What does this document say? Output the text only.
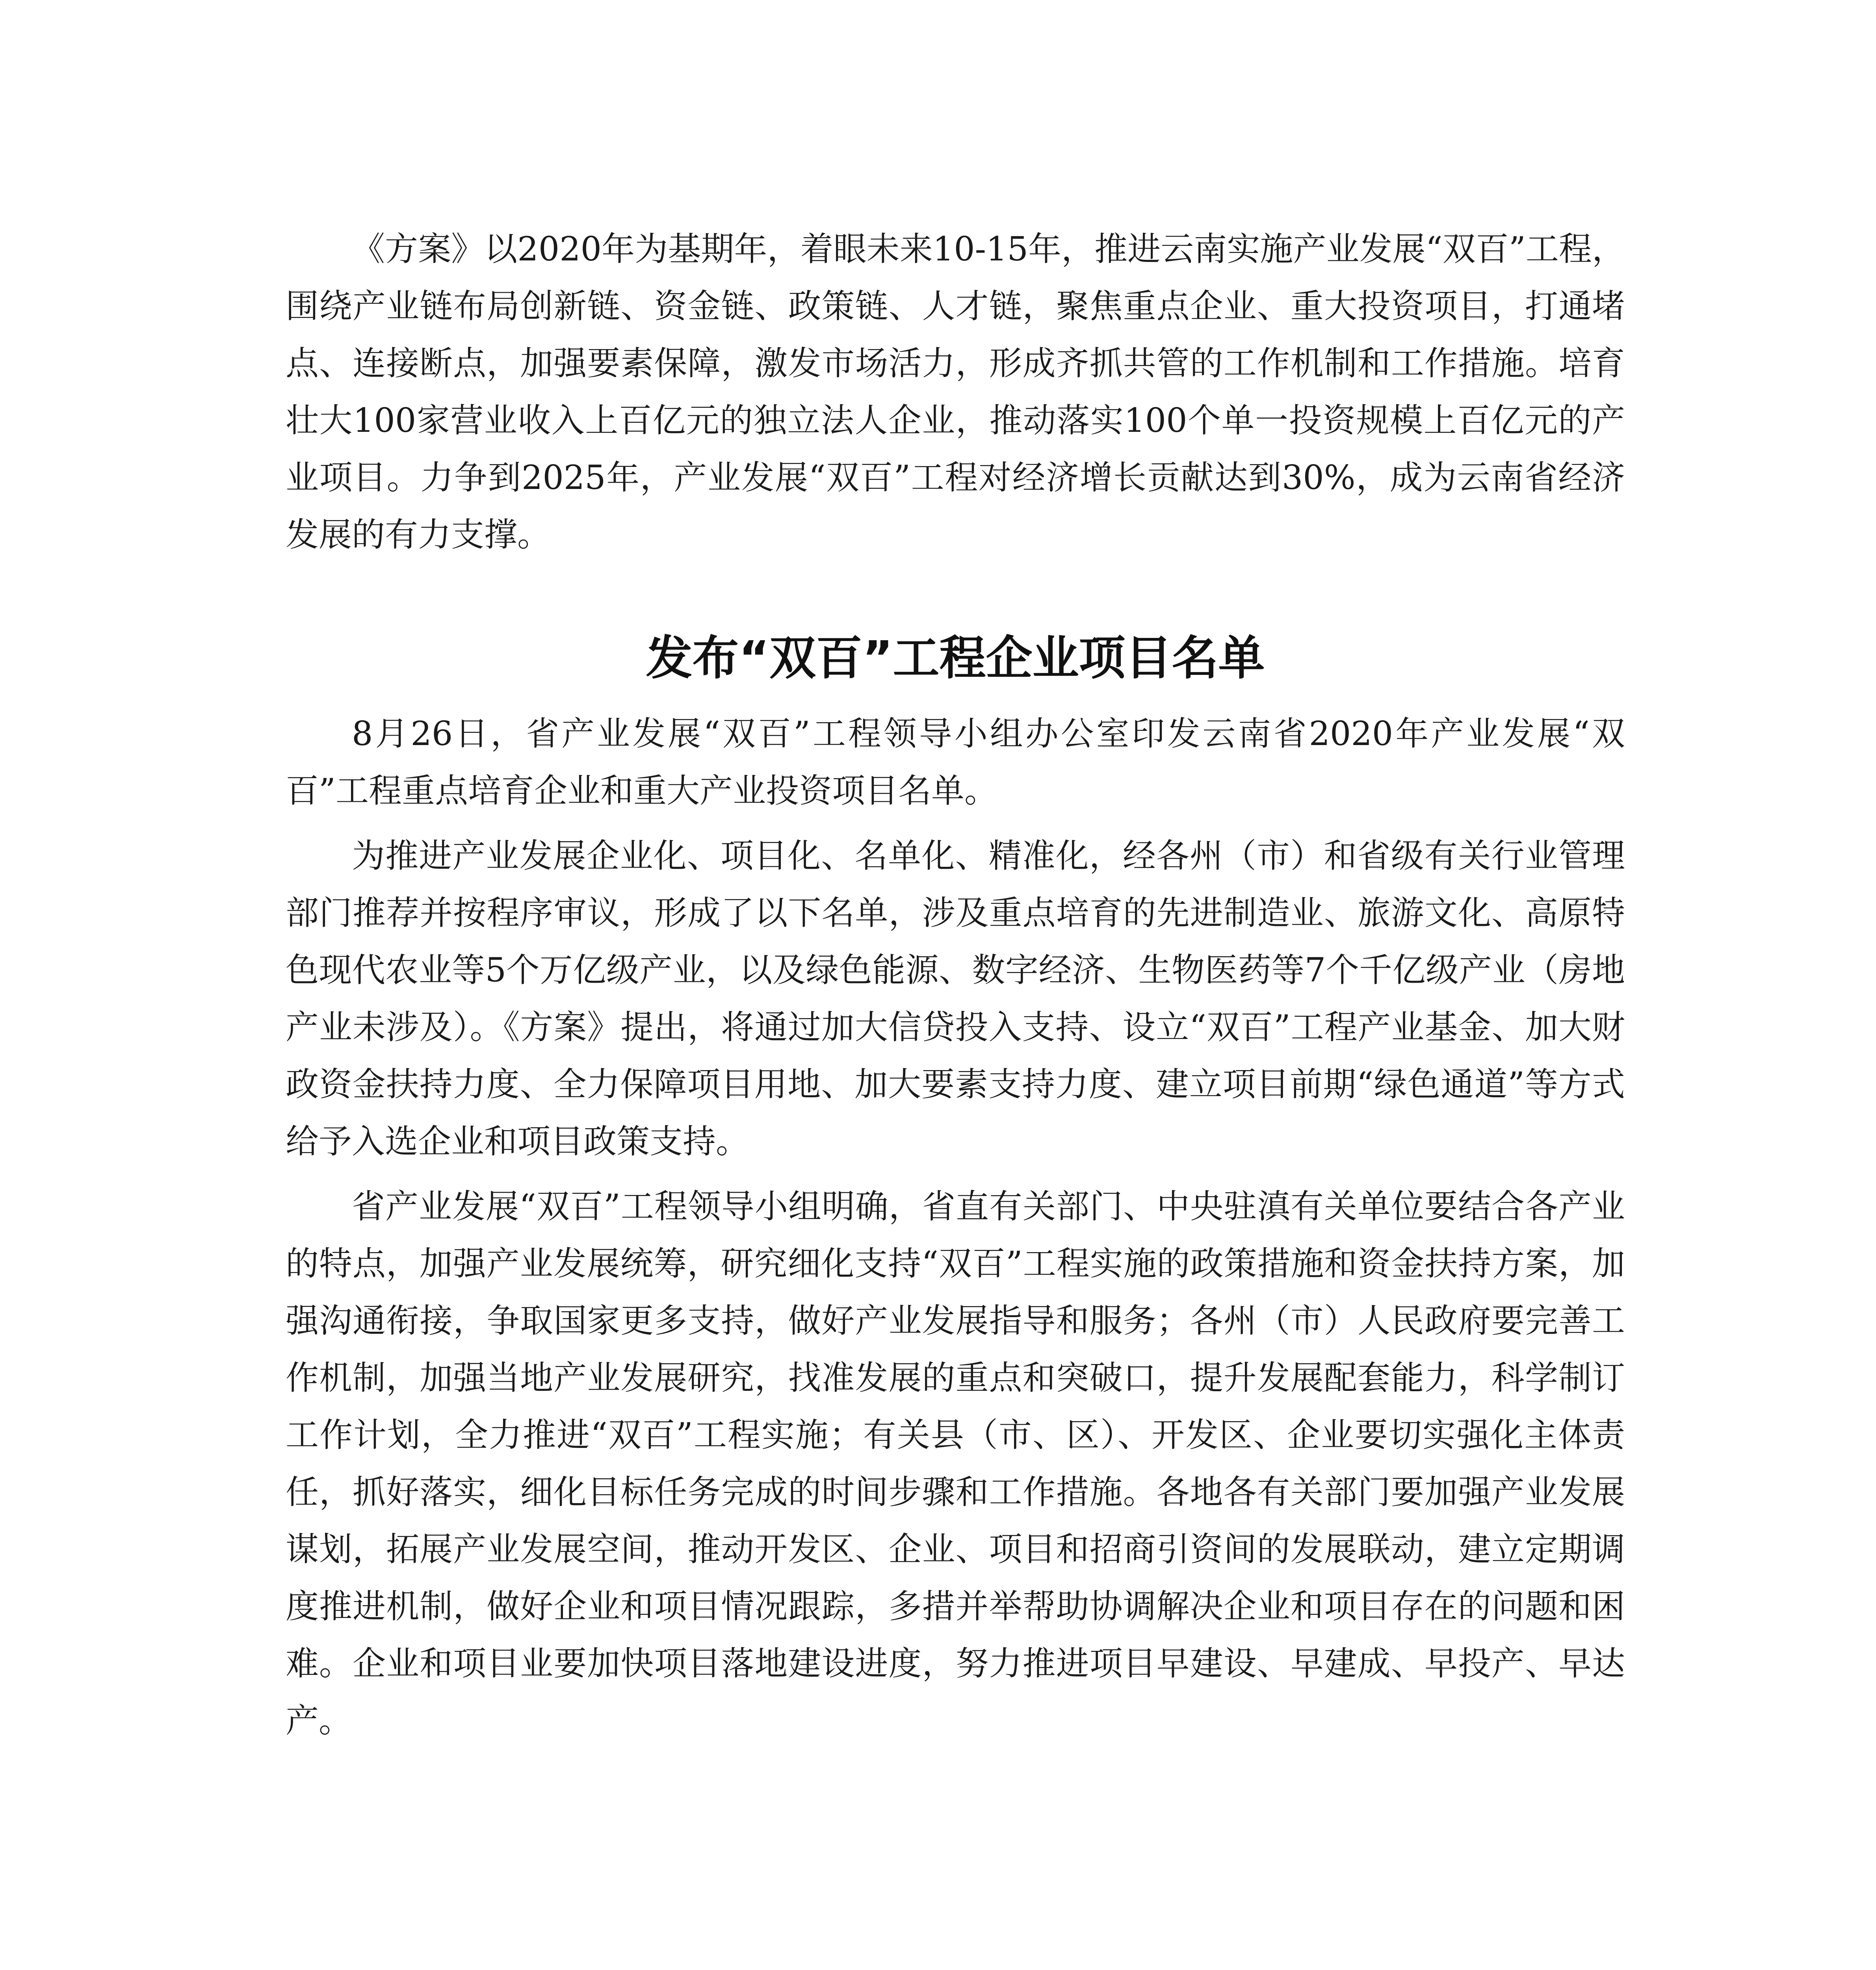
《方案》以2020年为基期年，着眼未来10-15年，推进云南实施产业发展“双百”工程，围绕产业链布局创新链、资金链、政策链、人才链，聚焦重点企业、重大投资项目，打通堵点、连接断点，加强要素保障，激发市场活力，形成齐抓共管的工作机制和工作措施。培育壮大100家营业收入上百亿元的独立法人企业，推动落实100个单一投资规模上百亿元的产业项目。力争到2025年，产业发展“双百”工程对经济增长贡献达到30%，成为云南省经济发展的有力支撑。

发布“双百”工程企业项目名单

8月26日，省产业发展“双百”工程领导小组办公室印发云南省2020年产业发展“双百”工程重点培育企业和重大产业投资项目名单。

为推进产业发展企业化、项目化、名单化、精准化，经各州（市）和省级有关行业管理部门推荐并按程序审议，形成了以下名单，涉及重点培育的先进制造业、旅游文化、高原特色现代农业等5个万亿级产业，以及绿色能源、数字经济、生物医药等7个千亿级产业（房地产业未涉及）。《方案》提出，将通过加大信贷投入支持、设立“双百”工程产业基金、加大财政资金扶持力度、全力保障项目用地、加大要素支持力度、建立项目前期“绿色通道”等方式给予入选企业和项目政策支持。

省产业发展“双百”工程领导小组明确，省直有关部门、中央驻滇有关单位要结合各产业的特点，加强产业发展统筹，研究细化支持“双百”工程实施的政策措施和资金扶持方案，加强沟通衔接，争取国家更多支持，做好产业发展指导和服务；各州（市）人民政府要完善工作机制，加强当地产业发展研究，找准发展的重点和突破口，提升发展配套能力，科学制订工作计划，全力推进“双百”工程实施；有关县（市、区）、开发区、企业要切实强化主体责任，抓好落实，细化目标任务完成的时间步骤和工作措施。各地各有关部门要加强产业发展谋划，拓展产业发展空间，推动开发区、企业、项目和招商引资间的发展联动，建立定期调度推进机制，做好企业和项目情况跟踪，多措并举帮助协调解决企业和项目存在的问题和困难。企业和项目业要加快项目落地建设进度，努力推进项目早建设、早建成、早投产、早达产。
